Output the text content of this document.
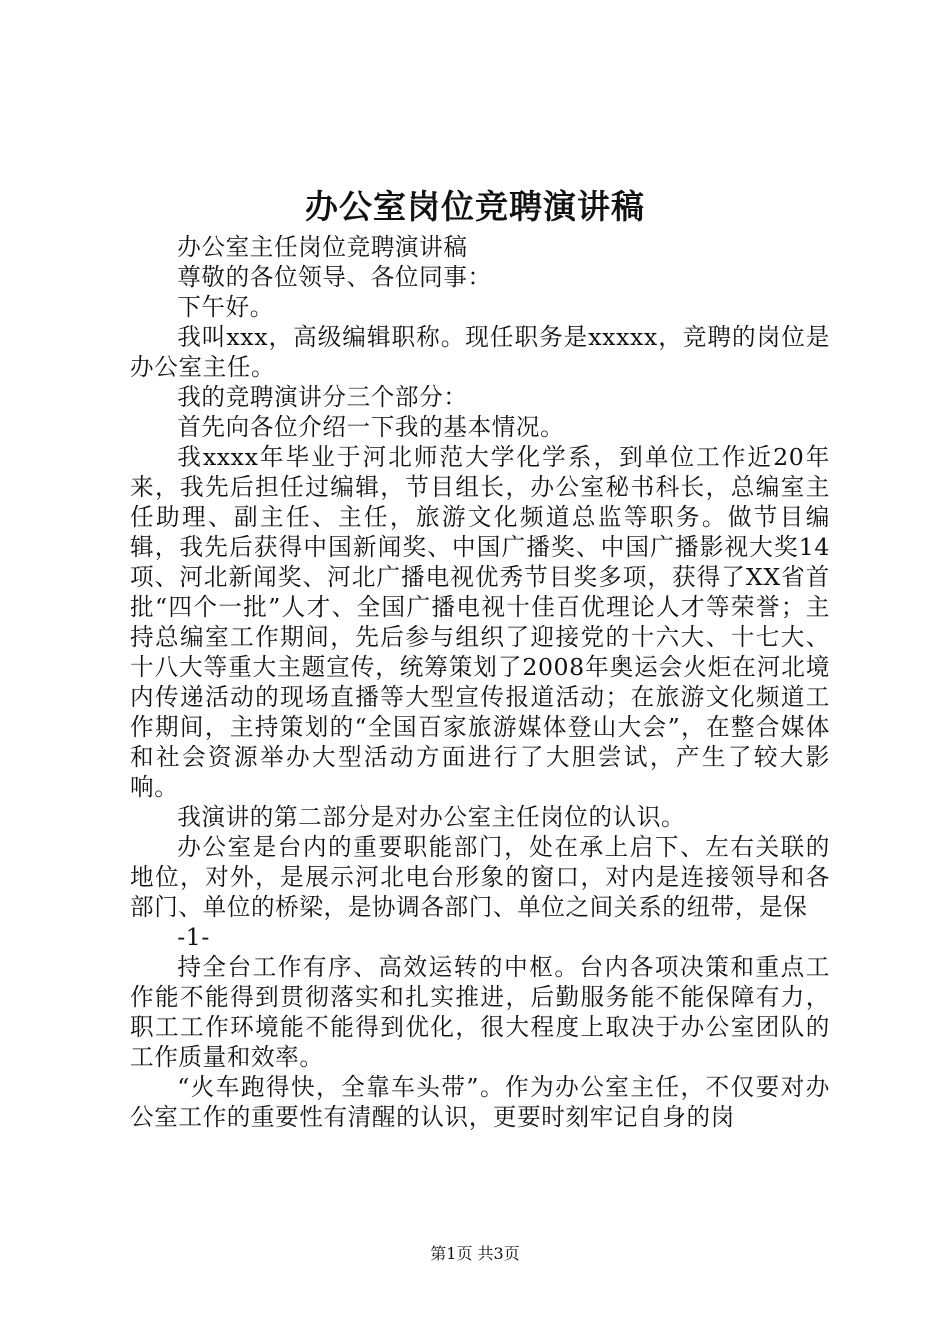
办公室岗位竞聘演讲稿

办公室主任岗位竞聘演讲稿

尊敬的各位领导、各位同事：

下午好。

我叫xxx，高级编辑职称。现任职务是xxxxx，竞聘的岗位是办公室主任。

我的竞聘演讲分三个部分：

首先向各位介绍一下我的基本情况。

我xxxx年毕业于河北师范大学化学系，到单位工作近20年来，我先后担任过编辑，节目组长，办公室秘书科长，总编室主任助理、副主任、主任，旅游文化频道总监等职务。做节目编辑，我先后获得中国新闻奖、中国广播奖、中国广播影视大奖14项、河北新闻奖、河北广播电视优秀节目奖多项，获得了XX省首批“四个一批”人才、全国广播电视十佳百优理论人才等荣誉；主持总编室工作期间，先后参与组织了迎接党的十六大、十七大、十八大等重大主题宣传，统筹策划了2008年奥运会火炬在河北境内传递活动的现场直播等大型宣传报道活动；在旅游文化频道工作期间，主持策划的“全国百家旅游媒体登山大会”，在整合媒体和社会资源举办大型活动方面进行了大胆尝试，产生了较大影响。

我演讲的第二部分是对办公室主任岗位的认识。

办公室是台内的重要职能部门，处在承上启下、左右关联的地位，对外，是展示河北电台形象的窗口，对内是连接领导和各部门、单位的桥梁，是协调各部门、单位之间关系的纽带，是保

-1-

持全台工作有序、高效运转的中枢。台内各项决策和重点工作能不能得到贯彻落实和扎实推进，后勤服务能不能保障有力，职工工作环境能不能得到优化，很大程度上取决于办公室团队的工作质量和效率。

“火车跑得快，全靠车头带”。作为办公室主任，不仅要对办公室工作的重要性有清醒的认识，更要时刻牢记自身的岗

第1页 共3页
